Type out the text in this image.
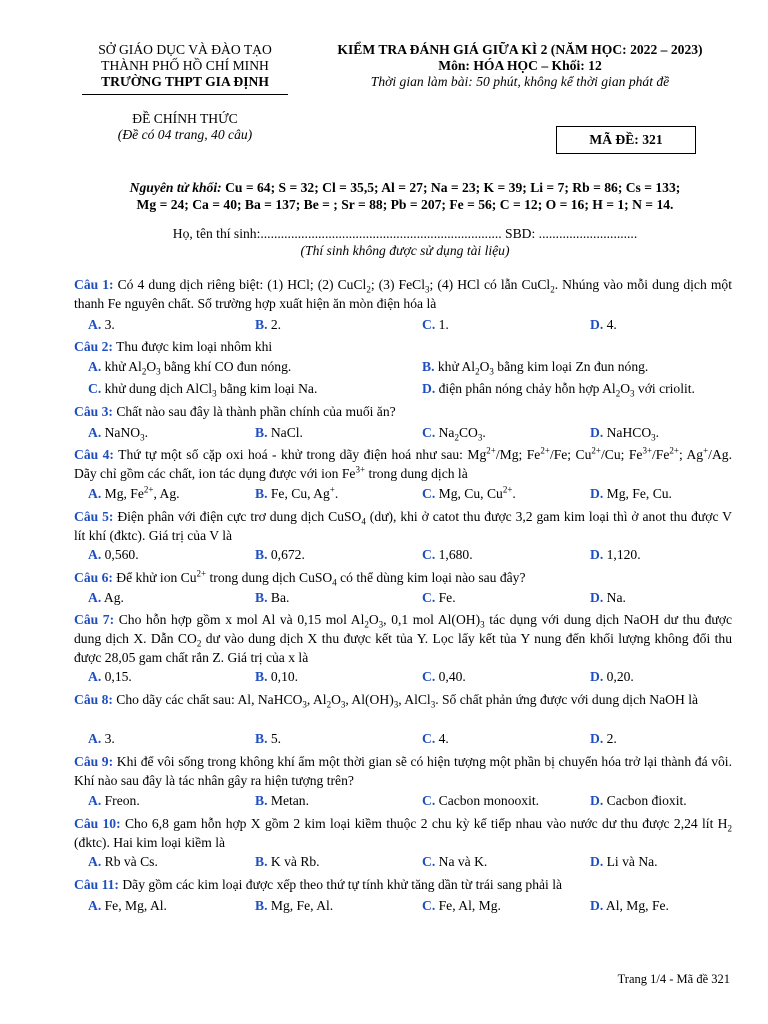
SỞ GIÁO DỤC VÀ ĐÀO TẠO
THÀNH PHỐ HỒ CHÍ MINH
TRƯỜNG THPT GIA ĐỊNH
ĐỀ CHÍNH THỨC
(Đề có 04 trang, 40 câu)
KIỂM TRA ĐÁNH GIÁ GIỮA KÌ 2 (NĂM HỌC: 2022 – 2023)
Môn: HÓA HỌC – Khối: 12
Thời gian làm bài: 50 phút, không kể thời gian phát đề
MÃ ĐỀ: 321
Nguyên tử khối: Cu = 64; S = 32; Cl = 35,5; Al = 27; Na = 23; K = 39; Li = 7; Rb = 86; Cs = 133;
Mg = 24; Ca = 40; Ba = 137; Be = ; Sr = 88; Pb = 207; Fe = 56; C = 12; O = 16; H = 1; N = 14.
Họ, tên thí sinh:....................................................................... SBD: .............................
(Thí sinh không được sử dụng tài liệu)
Câu 1: Có 4 dung dịch riêng biệt: (1) HCl; (2) CuCl$_2$; (3) FeCl$_3$; (4) HCl có lẫn CuCl$_2$. Nhúng vào mỗi dung dịch một thanh Fe nguyên chất. Số trường hợp xuất hiện ăn mòn điện hóa là
A. 3.	B. 2.	C. 1.	D. 4.
Câu 2: Thu được kim loại nhôm khi
A. khử $Al_2O_3$ bằng khí CO đun nóng.	B. khử $Al_2O_3$ bằng kim loại Zn đun nóng.
C. khử dung dịch AlCl$_3$ bằng kim loại Na.	D. điện phân nóng chảy hỗn hợp $Al_2O_3$ với criolit.
Câu 3: Chất nào sau đây là thành phần chính của muối ăn?
A. NaNO$_3$.	B. NaCl.	C. $Na_2CO_3$.	D. NaHCO$_3$.
Câu 4: Thứ tự một số cặp oxi hoá - khử trong dãy điện hoá như sau: $Mg^{2+}/Mg$; $Fe^{2+}/Fe$; $Cu^{2+}/Cu$; $Fe^{3+}/Fe^{2+}$; Ag+/Ag. Dãy chỉ gồm các chất, ion tác dụng được với ion $Fe^{3+}$ trong dung dịch là
A. Mg, $Fe^{2+}$, Ag.	B. Fe, Cu, Ag+.	C. Mg, Cu, $Cu^{2+}$.	D. Mg, Fe, Cu.
Câu 5: Điện phân với điện cực trơ dung dịch CuSO$_4$ (dư), khi ở catot thu được 3,2 gam kim loại thì ở anot thu được V lít khí (đktc). Giá trị của V là
A. 0,560.	B. 0,672.	C. 1,680.	D. 1,120.
Câu 6: Để khử ion $Cu^{2+}$ trong dung dịch CuSO$_4$ có thể dùng kim loại nào sau đây?
A. Ag.	B. Ba.	C. Fe.	D. Na.
Câu 7: Cho hỗn hợp gồm x mol Al và 0,15 mol $Al_2O_3$, 0,1 mol $Al(OH)_3$ tác dụng với dung dịch NaOH dư thu được dung dịch X. Dẫn $CO_2$ dư vào dung dịch X thu được kết tủa Y. Lọc lấy kết tủa Y nung đến khối lượng không đổi thu được 28,05 gam chất rắn Z. Giá trị của x là
A. 0,15.	B. 0,10.	C. 0,40.	D. 0,20.
Câu 8: Cho dãy các chất sau: Al, NaHCO$_3$, $Al_2O_3$, $Al(OH)_3$, AlCl$_3$. Số chất phản ứng được với dung dịch NaOH là
A. 3.	B. 5.	C. 4.	D. 2.
Câu 9: Khi để vôi sống trong không khí ẩm một thời gian sẽ có hiện tượng một phần bị chuyển hóa trở lại thành đá vôi. Khí nào sau đây là tác nhân gây ra hiện tượng trên?
A. Freon.	B. Metan.	C. Cacbon monooxit.	D. Cacbon đioxit.
Câu 10: Cho 6,8 gam hỗn hợp X gồm 2 kim loại kiềm thuộc 2 chu kỳ kế tiếp nhau vào nước dư thu được 2,24 lít $H_2$ (đktc). Hai kim loại kiềm là
A. Rb và Cs.	B. K và Rb.	C. Na và K.	D. Li và Na.
Câu 11: Dãy gồm các kim loại được xếp theo thứ tự tính khử tăng dần từ trái sang phải là
A. Fe, Mg, Al.	B. Mg, Fe, Al.	C. Fe, Al, Mg.	D. Al, Mg, Fe.
Trang 1/4 - Mã đề 321
